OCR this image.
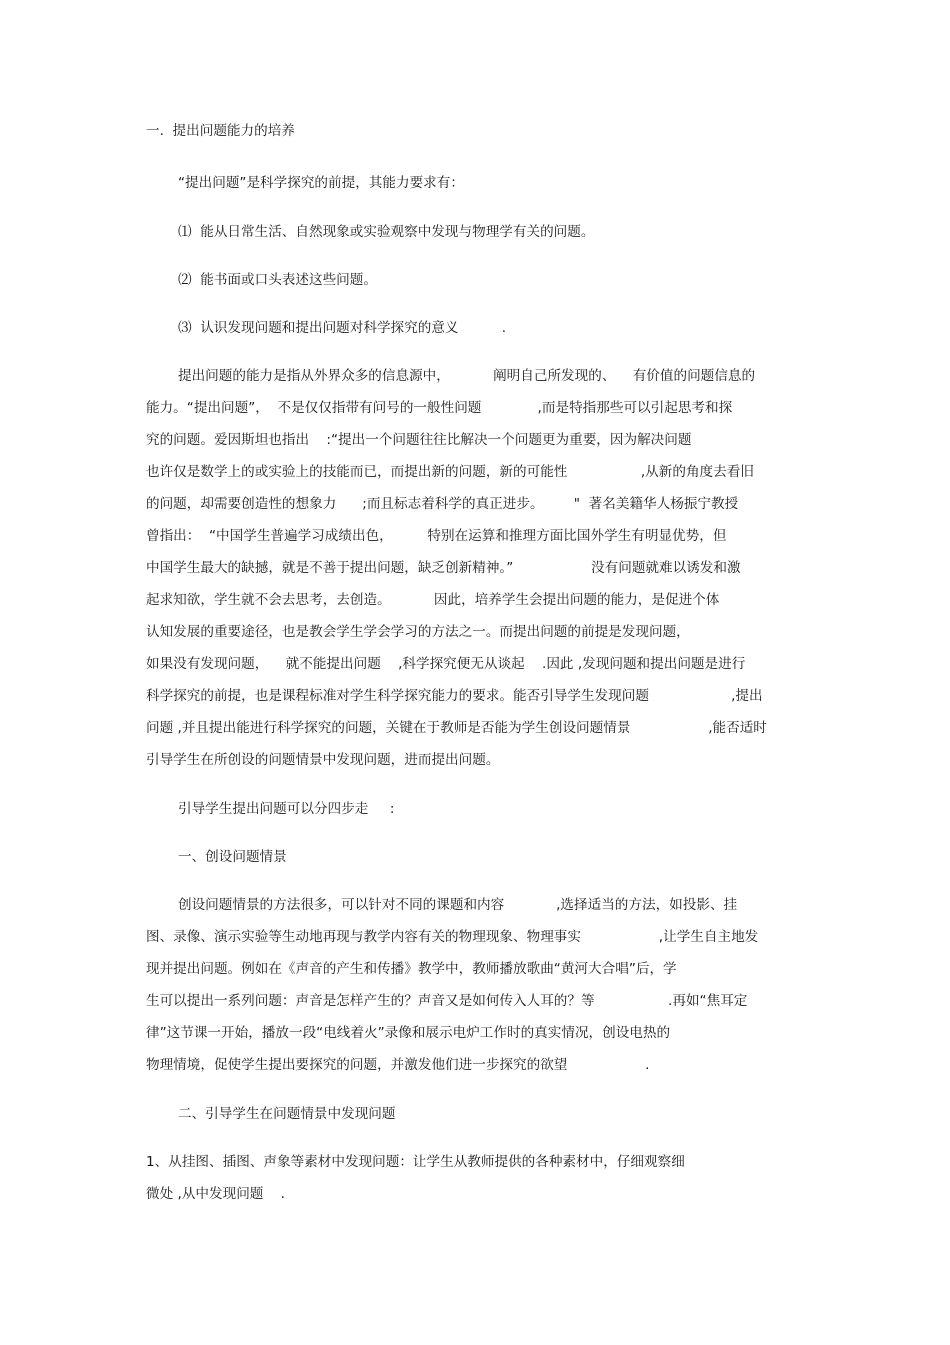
一.  提出问题能力的培养
“提出问题”是科学探究的前提，其能力要求有：
⑴  能从日常生活、自然现象或实验观察中发现与物理学有关的问题。
⑵  能书面或口头表述这些问题。
⑶  认识发现问题和提出问题对科学探究的意义          .
提出问题的能力是指从外界众多的信息源中，          阐明自己所发现的、    有价值的问题信息的
能力。“提出问题”，  不是仅仅指带有问号的一般性问题             ,而是特指那些可以引起思考和探
究的问题。爱因斯坦也指出    :“提出一个问题往往比解决一个问题更为重要，因为解决问题
也许仅是数学上的或实验上的技能而已，而提出新的问题，新的可能性                 ,从新的角度去看旧
的问题，却需要创造性的想象力      ;而且标志着科学的真正进步。       "  著名美籍华人杨振宁教授
曾指出：  “中国学生普遍学习成绩出色，        特别在运算和推理方面比国外学生有明显优势，但
中国学生最大的缺撼，就是不善于提出问题，缺乏创新精神。”                  没有问题就难以诱发和激
起求知欲，学生就不会去思考，去创造。          因此，培养学生会提出问题的能力，是促进个体
认知发展的重要途径，也是教会学生学会学习的方法之一。而提出问题的前提是发现问题，
如果没有发现问题，    就不能提出问题    ,科学探究便无从谈起    .因此 ,发现问题和提出问题是进行
科学探究的前提，也是课程标准对学生科学探究能力的要求。能否引导学生发现问题                   ,提出
问题 ,并且提出能进行科学探究的问题，关键在于教师是否能为学生创设问题情景                  ,能否适时
引导学生在所创设的问题情景中发现问题，进而提出问题。
引导学生提出问题可以分四步走     :
一、创设问题情景
创设问题情景的方法很多，可以针对不同的课题和内容            ,选择适当的方法，如投影、挂
图、录像、演示实验等生动地再现与教学内容有关的物理现象、物理事实                  ,让学生自主地发
现并提出问题。例如在《声音的产生和传播》教学中，教师播放歌曲“黄河大合唱”后，学
生可以提出一系列问题：声音是怎样产生的？声音又是如何传入人耳的？等                 .再如“焦耳定
律”这节课一开始，播放一段“电线着火”录像和展示电炉工作时的真实情况，创设电热的
物理情境，促使学生提出要探究的问题，并激发他们进一步探究的欲望                  .
二、引导学生在问题情景中发现问题
1、从挂图、插图、声象等素材中发现问题：让学生从教师提供的各种素材中，仔细观察细
微处 ,从中发现问题    .
